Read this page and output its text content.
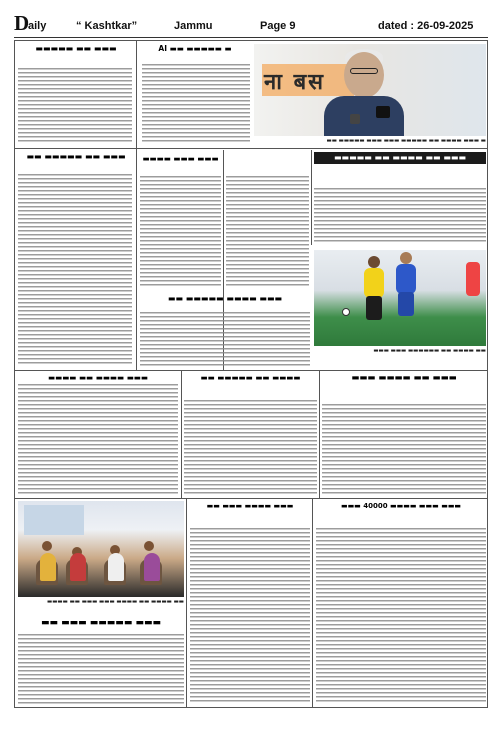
D
aily	“ Kashtkar”	Jammu	Page 9	dated : 26-09-2025
▬▬▬ ▬▬ ▬▬▬▬▬	▬ ▬▬▬▬▬ ▬▬ AI
ना बस
▬ ▬▬▬ ▬▬▬▬ ▬▬ ▬▬▬▬▬ ▬▬▬ ▬▬▬ ▬▬▬▬▬ ▬▬
▬▬▬ ▬▬ ▬▬▬▬▬ ▬▬	▬▬▬ ▬▬▬ ▬▬▬▬	▬▬▬ ▬▬ ▬▬▬▬ ▬▬ ▬▬▬▬▬
▬▬ ▬▬▬▬ ▬▬ ▬▬▬▬▬▬ ▬▬▬ ▬▬▬
▬▬▬ ▬▬▬▬ ▬▬▬▬▬ ▬▬
▬▬▬ ▬▬▬▬ ▬▬ ▬▬▬▬	▬▬▬▬ ▬▬ ▬▬▬▬▬ ▬▬	▬▬▬ ▬▬ ▬▬▬▬ ▬▬▬
▬▬ ▬▬▬▬ ▬▬ ▬▬▬▬ ▬▬▬ ▬▬▬ ▬▬ ▬▬▬▬
▬▬▬ ▬▬▬▬▬ ▬▬▬ ▬▬
▬▬▬ ▬▬▬▬ ▬▬▬ ▬▬	▬▬▬ ▬▬▬ ▬▬▬▬ 40000 ▬▬▬
